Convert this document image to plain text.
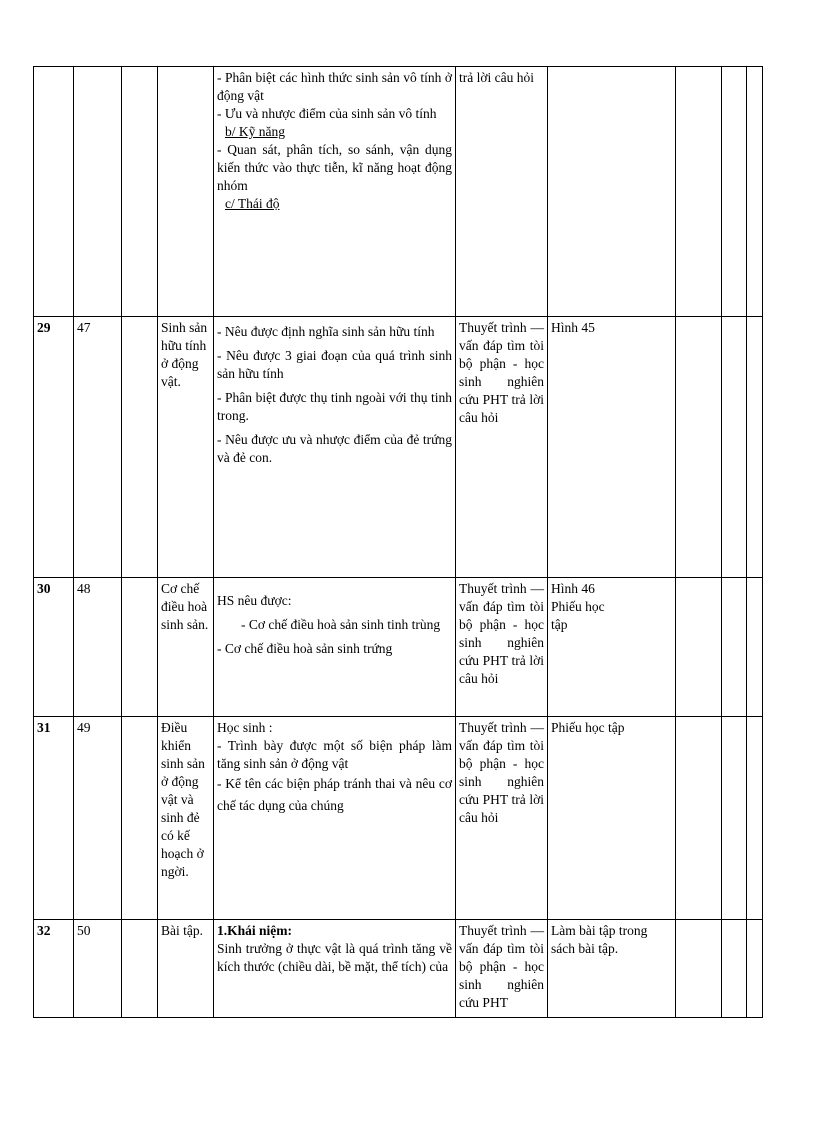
				- Phân biệt các hình thức sinh sản vô tính ở động vật

- Ưu và nhược điểm của sinh sản vô tính

b/ Kỹ năng

- Quan sát, phân tích, so sánh, vận dụng kiến thức vào thực tiễn, kĩ năng hoạt động nhóm

c/ Thái độ	trả lời câu hỏi				
29	47		Sinh sản hữu tính ở động vật.	- Nêu được định nghĩa sinh sản hữu tính

- Nêu được 3 giai đoạn của quá trình sinh sản hữu tính

- Phân biệt được thụ tinh ngoài với thụ tinh trong.

- Nêu được ưu và nhược điểm của đẻ trứng và đẻ con.	Thuyết trình — vấn đáp tìm tòi bộ phận - học sinh nghiên cứu PHT trả lời câu hỏi	Hình 45			
30	48		Cơ chế điều hoà sinh sản.	HS nêu được:

- Cơ chế điều hoà sản sinh tinh trùng

- Cơ chế điều hoà sản sinh trứng	Thuyết trình — vấn đáp tìm tòi bộ phận - học sinh nghiên cứu PHT trả lời câu hỏi	Hình 46 Phiếu học tập			

31	49		Điều khiển sinh sản ở động vật và sinh đẻ có kế hoạch ở ngời.	Học sinh :

- Trình bày được một số biện pháp làm tăng sinh sản ở động vật

- Kể tên các biện pháp tránh thai và nêu cơ chế tác dụng của chúng	Thuyết trình — vấn đáp tìm tòi bộ phận - học sinh nghiên cứu PHT trả lời câu hỏi	Phiếu học tập			
32	50		Bài tập.	1.Khái niệm:

Sinh trưởng ở thực vật là quá trình tăng về kích thước (chiều dài, bề mặt, thể tích) của	Thuyết trình — vấn đáp tìm tòi bộ phận - học sinh nghiên cứu PHT	Làm bài tập trong sách bài tập.			
